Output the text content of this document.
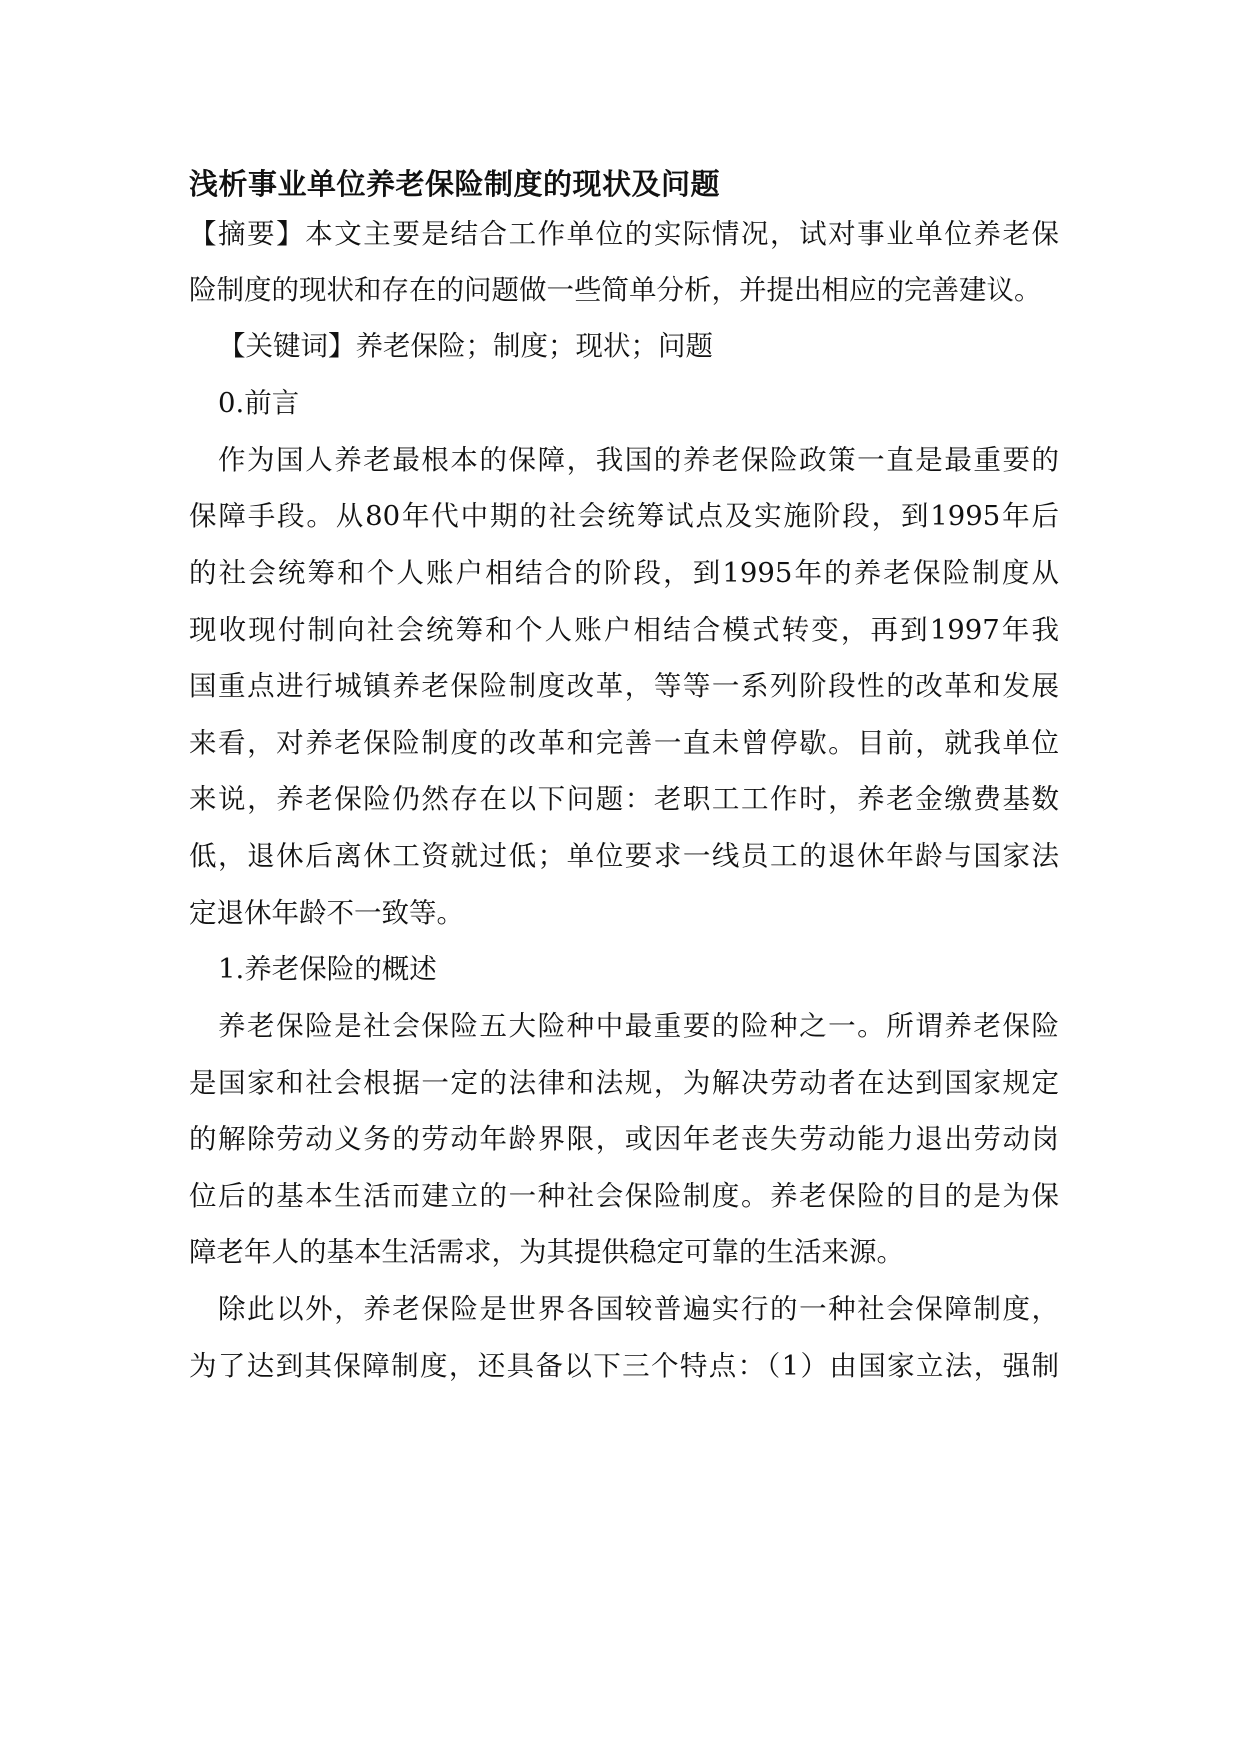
浅析事业单位养老保险制度的现状及问题
【摘要】本文主要是结合工作单位的实际情况，试对事业单位养老保
险制度的现状和存在的问题做一些简单分析，并提出相应的完善建议。
【关键词】养老保险；制度；现状；问题
0.前言
作为国人养老最根本的保障，我国的养老保险政策一直是最重要的
保障手段。从80年代中期的社会统筹试点及实施阶段，到1995年后
的社会统筹和个人账户相结合的阶段，到1995年的养老保险制度从
现收现付制向社会统筹和个人账户相结合模式转变，再到1997年我
国重点进行城镇养老保险制度改革，等等一系列阶段性的改革和发展
来看，对养老保险制度的改革和完善一直未曾停歇。目前，就我单位
来说，养老保险仍然存在以下问题：老职工工作时，养老金缴费基数
低，退休后离休工资就过低；单位要求一线员工的退休年龄与国家法
定退休年龄不一致等。
1.养老保险的概述
养老保险是社会保险五大险种中最重要的险种之一。所谓养老保险
是国家和社会根据一定的法律和法规，为解决劳动者在达到国家规定
的解除劳动义务的劳动年龄界限，或因年老丧失劳动能力退出劳动岗
位后的基本生活而建立的一种社会保险制度。养老保险的目的是为保
障老年人的基本生活需求，为其提供稳定可靠的生活来源。
除此以外，养老保险是世界各国较普遍实行的一种社会保障制度，
为了达到其保障制度，还具备以下三个特点：（1）由国家立法，强制
